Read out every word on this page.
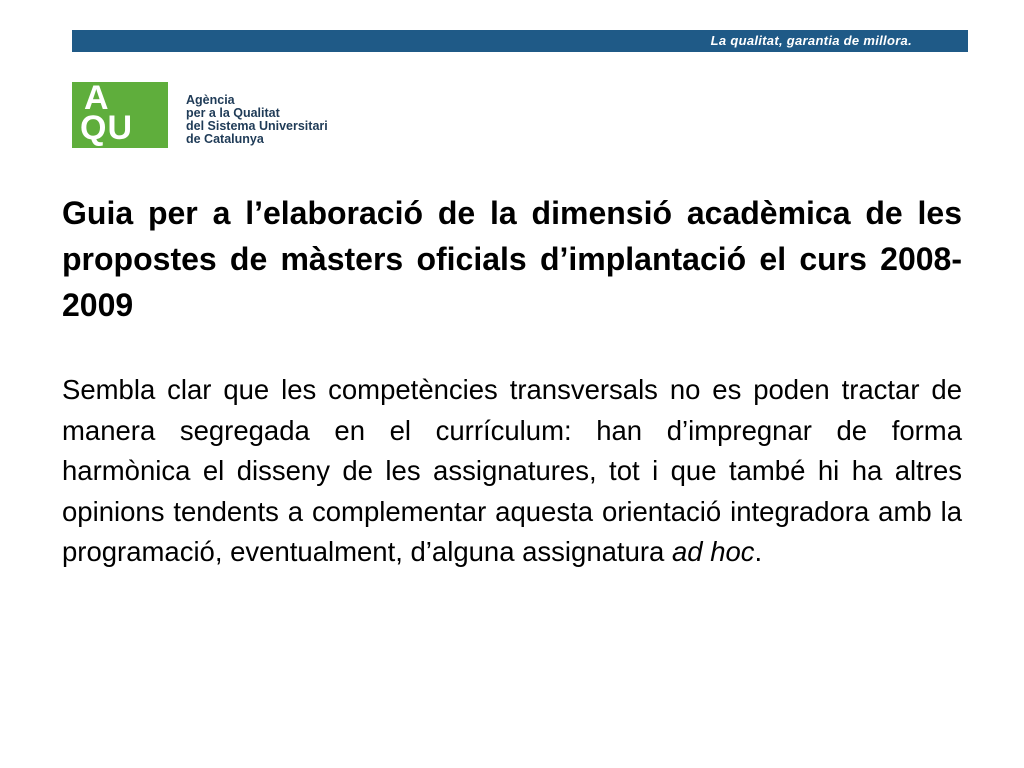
La qualitat, garantia de millora.
A
QU
Agència
per a la Qualitat
del Sistema Universitari
de Catalunya
Guia per a l’elaboració de la dimensió acadèmica de les propostes de màsters oficials d’implantació el curs 2008-2009

Sembla clar que les competències transversals no es poden tractar de manera segregada en el currículum: han d’impregnar de forma harmònica el disseny de les assignatures, tot i que també hi ha altres opinions tendents a complementar aquesta orientació integradora amb la programació, eventualment, d’alguna assignatura ad hoc.
